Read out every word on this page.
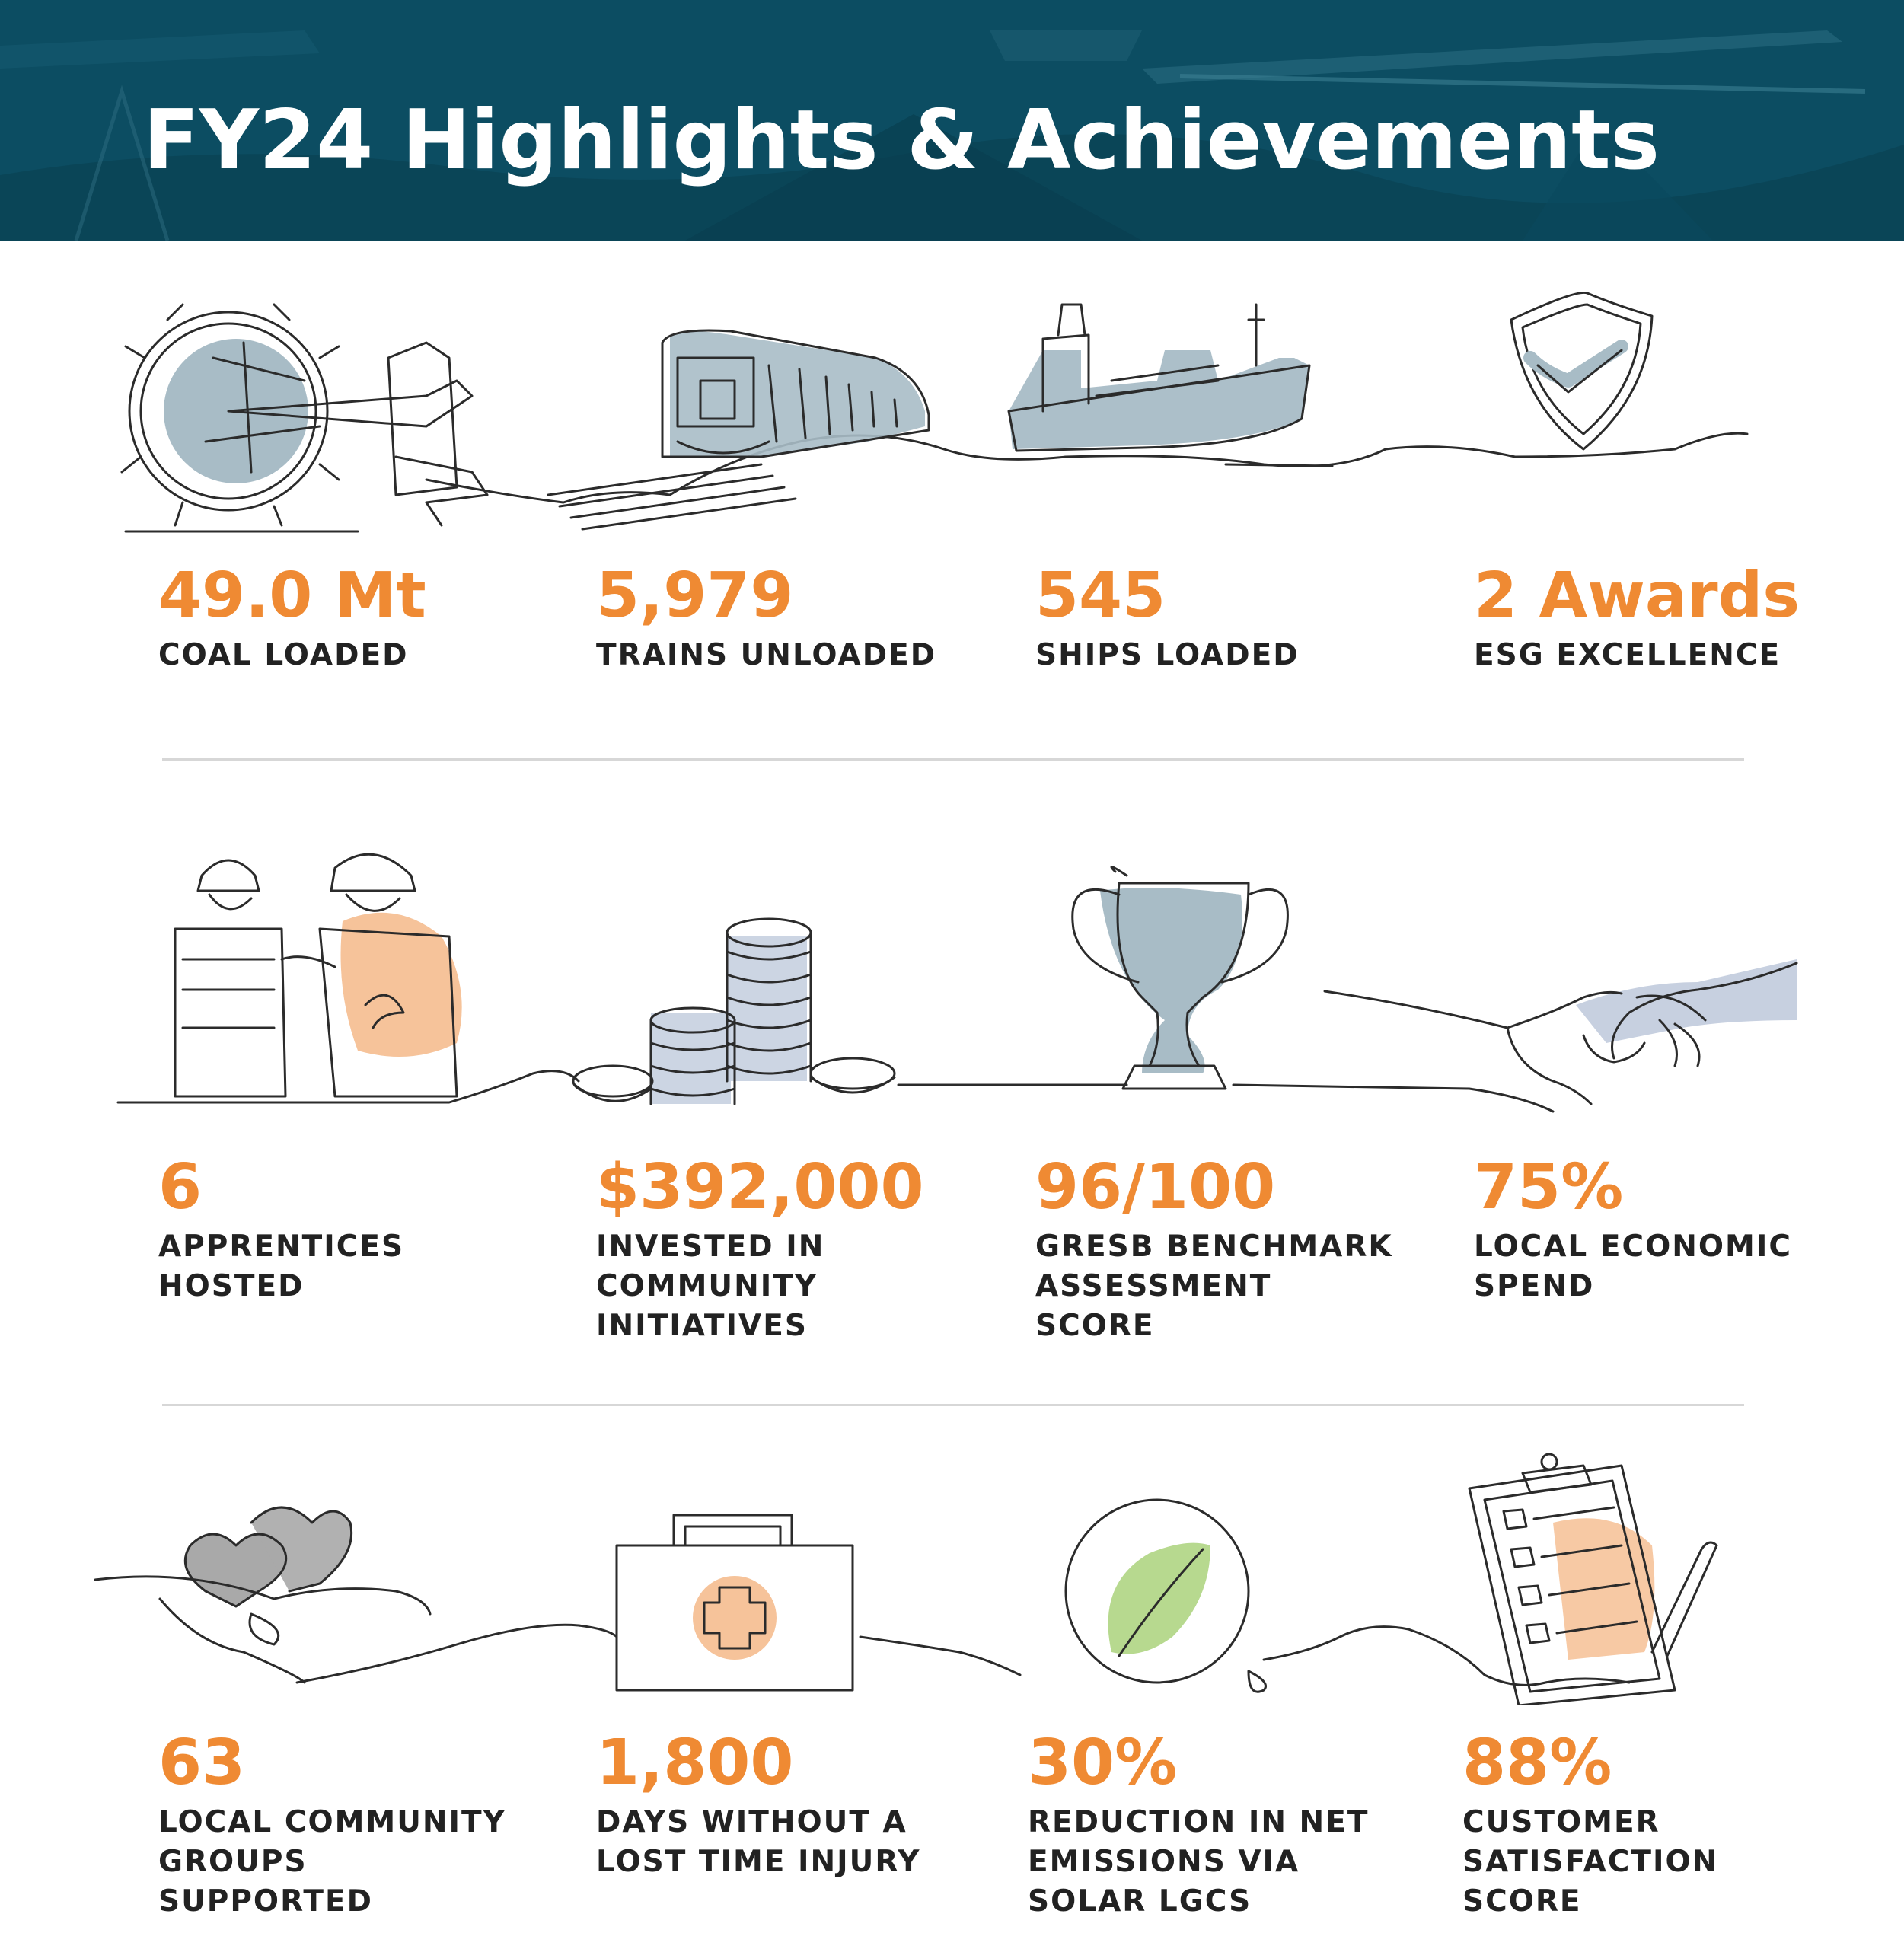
FY24 Highlights & Achievements
49.0 Mt
COAL LOADED
5,979
TRAINS UNLOADED
545
SHIPS LOADED
2 Awards
ESG EXCELLENCE
6
APPRENTICES
HOSTED
$392,000
INVESTED IN
COMMUNITY
INITIATIVES
96/100
GRESB BENCHMARK
ASSESSMENT
SCORE
75%
LOCAL ECONOMIC
SPEND
63
LOCAL COMMUNITY
GROUPS
SUPPORTED
1,800
DAYS WITHOUT A
LOST TIME INJURY
30%
REDUCTION IN NET
EMISSIONS VIA
SOLAR LGCS
88%
CUSTOMER
SATISFACTION
SCORE
